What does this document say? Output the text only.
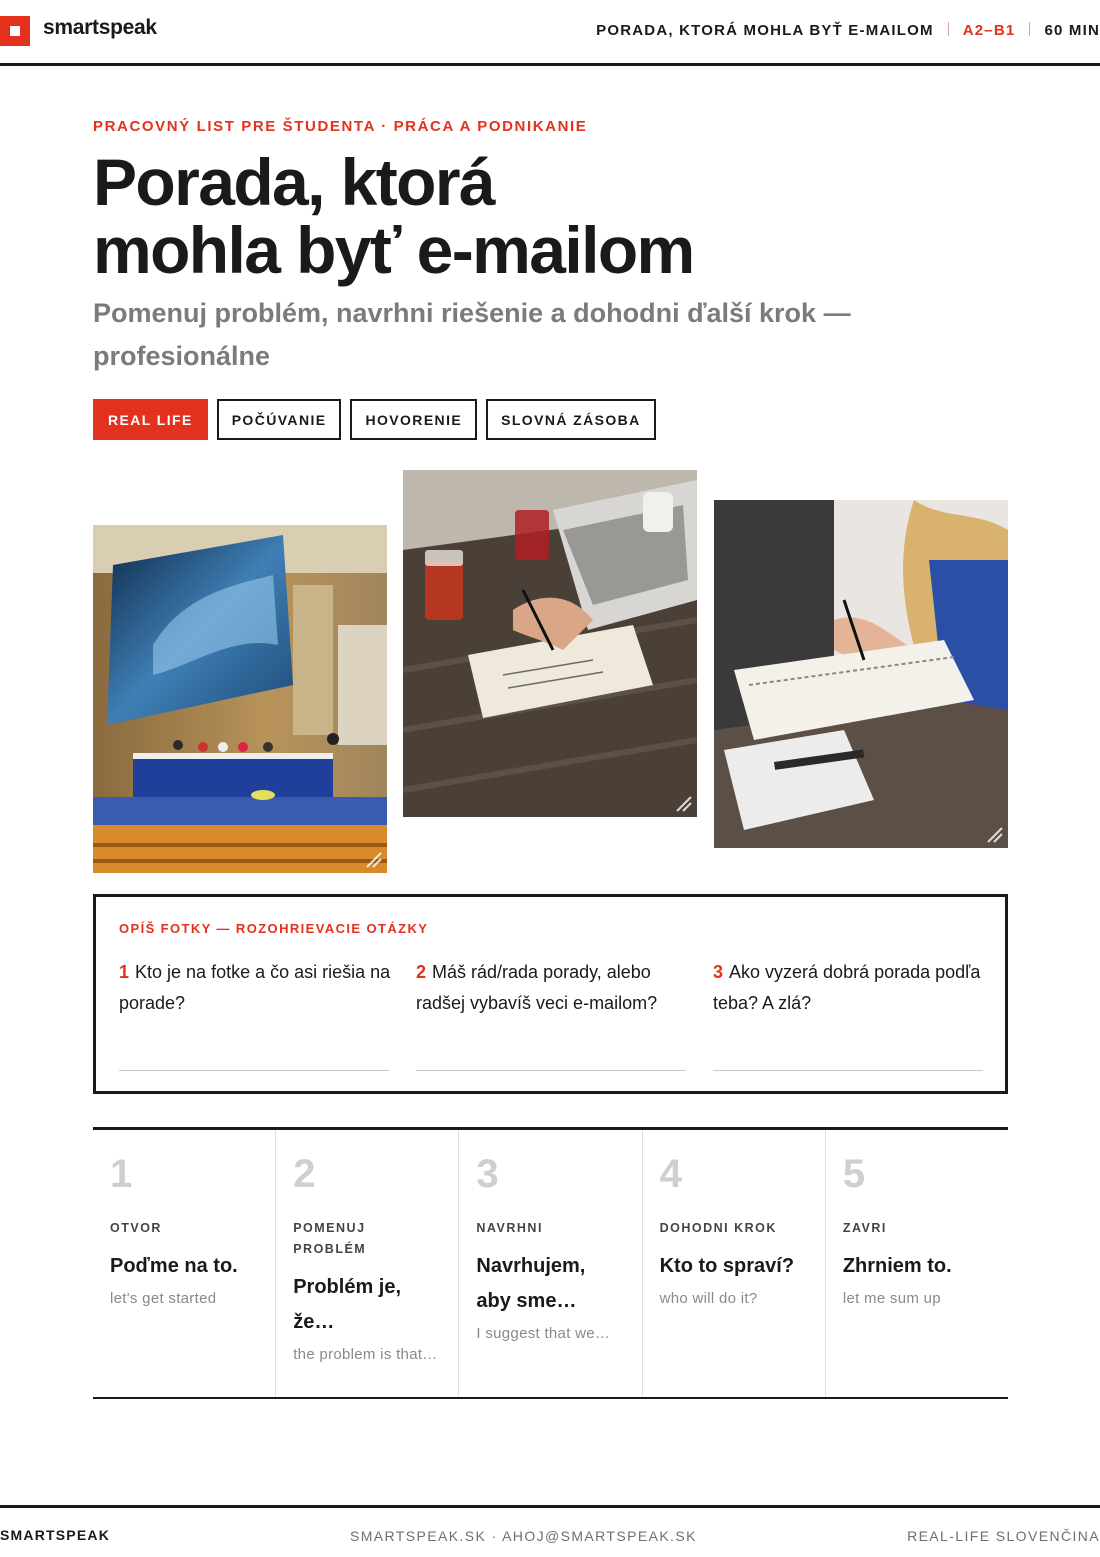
smartspeak	PORADA, KTORÁ MOHLA BYŤ E-MAILOM A2–B1 60 MIN
PRACOVNÝ LIST PRE ŠTUDENTA · PRÁCA A PODNIKANIE
Porada, ktorá
mohla byť e-mailom
Pomenuj problém, navrhni riešenie a dohodni ďalší krok — profesionálne
REAL LIFE	POČÚVANIE	HOVORENIE	SLOVNÁ ZÁSOBA
OPÍŠ FOTKY — ROZOHRIEVACIE OTÁZKY
1 Kto je na fotke a čo asi riešia na porade?
2 Máš rád/rada porady, alebo radšej vybavíš veci e-mailom?
3 Ako vyzerá dobrá porada podľa teba? A zlá?
1
OTVOR
Poďme na to.
let's get started
2
POMENUJ PROBLÉM
Problém je, že…
the problem is that…
3
NAVRHNI
Navrhujem, aby sme…
I suggest that we…
4
DOHODNI KROK
Kto to spraví?
who will do it?
5
ZAVRI
Zhrniem to.
let me sum up
SMARTSPEAK	SMARTSPEAK.SK · AHOJ@SMARTSPEAK.SK	REAL-LIFE SLOVENČINA
